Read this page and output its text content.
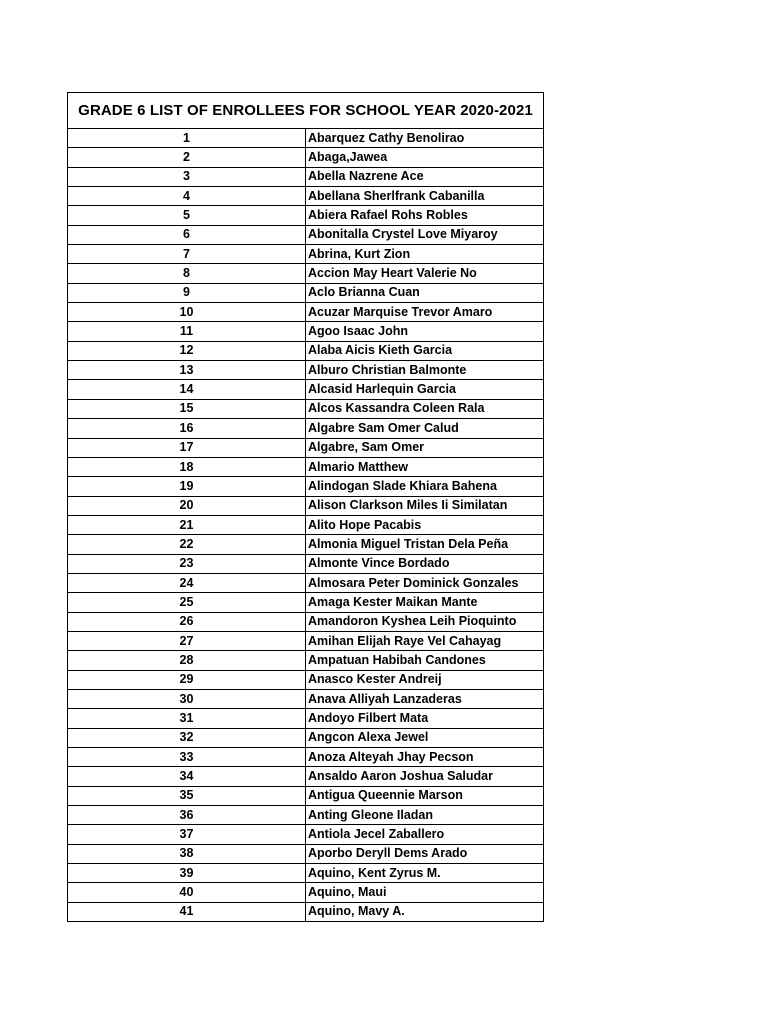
GRADE 6 LIST OF ENROLLEES FOR SCHOOL YEAR 2020-2021	
1	Abarquez Cathy Benolirao
2	Abaga,Jawea
3	Abella Nazrene Ace
4	Abellana Sherlfrank Cabanilla
5	Abiera Rafael Rohs Robles
6	Abonitalla Crystel Love Miyaroy
7	Abrina, Kurt Zion
8	Accion May Heart Valerie No
9	Aclo Brianna Cuan
10	Acuzar Marquise Trevor Amaro
11	Agoo Isaac John
12	Alaba Aicis Kieth Garcia
13	Alburo Christian Balmonte
14	Alcasid Harlequin Garcia
15	Alcos Kassandra Coleen Rala
16	Algabre Sam Omer Calud
17	Algabre, Sam Omer
18	Almario Matthew
19	Alindogan Slade Khiara Bahena
20	Alison Clarkson Miles Ii Similatan
21	Alito Hope Pacabis
22	Almonia Miguel Tristan Dela Peña
23	Almonte Vince Bordado
24	Almosara Peter Dominick Gonzales
25	Amaga Kester Maikan Mante
26	Amandoron Kyshea Leih Pioquinto
27	Amihan Elijah Raye Vel Cahayag
28	Ampatuan Habibah Candones
29	Anasco Kester Andreij
30	Anava Alliyah Lanzaderas
31	Andoyo Filbert Mata
32	Angcon Alexa Jewel
33	Anoza Alteyah Jhay Pecson
34	Ansaldo Aaron Joshua Saludar
35	Antigua Queennie Marson
36	Anting Gleone Iladan
37	Antiola Jecel Zaballero
38	Aporbo Deryll Dems Arado
39	Aquino, Kent Zyrus M.
40	Aquino, Maui
41	Aquino, Mavy A.
